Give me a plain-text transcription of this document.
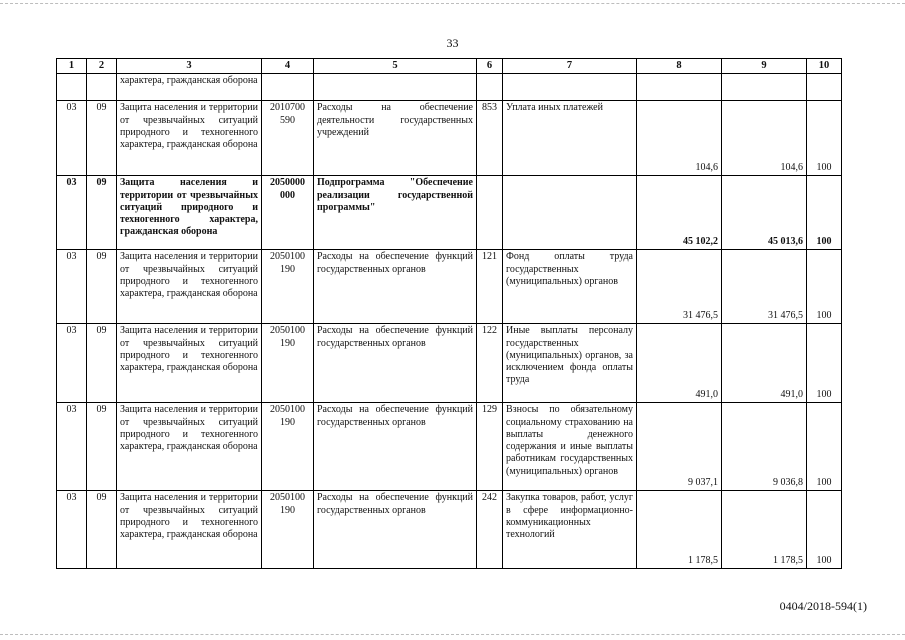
33
1	2	3	4	5	6	7	8	9	10
		характера, гражданская оборона							
03	09	Защита населения и территории от чрезвычайных ситуаций природного и техногенного характера, гражданская оборона	2010700 590	Расходы на обеспечение деятельности государственных учреждений	853	Уплата иных платежей	104,6	104,6	100
03	09	Защита населения и территории от чрезвычайных ситуаций природного и техногенного характера, гражданская оборона	2050000 000	Подпрограмма "Обеспечение реализации государственной программы"			45 102,2	45 013,6	100
03	09	Защита населения и территории от чрезвычайных ситуаций природного и техногенного характера, гражданская оборона	2050100 190	Расходы на обеспечение функций государственных органов	121	Фонд оплаты труда государственных (муниципальных) органов	31 476,5	31 476,5	100
03	09	Защита населения и территории от чрезвычайных ситуаций природного и техногенного характера, гражданская оборона	2050100 190	Расходы на обеспечение функций государственных органов	122	Иные выплаты персоналу государственных (муниципальных) органов, за исключением фонда оплаты труда	491,0	491,0	100
03	09	Защита населения и территории от чрезвычайных ситуаций природного и техногенного характера, гражданская оборона	2050100 190	Расходы на обеспечение функций государственных органов	129	Взносы по обязательному социальному страхованию на выплаты денежного содержания и иные выплаты работникам государственных (муниципальных) органов	9 037,1	9 036,8	100
03	09	Защита населения и территории от чрезвычайных ситуаций природного и техногенного характера, гражданская оборона	2050100 190	Расходы на обеспечение функций государственных органов	242	Закупка товаров, работ, услуг в сфере информационно-коммуникационных технологий	1 178,5	1 178,5	100
0404/2018-594(1)
